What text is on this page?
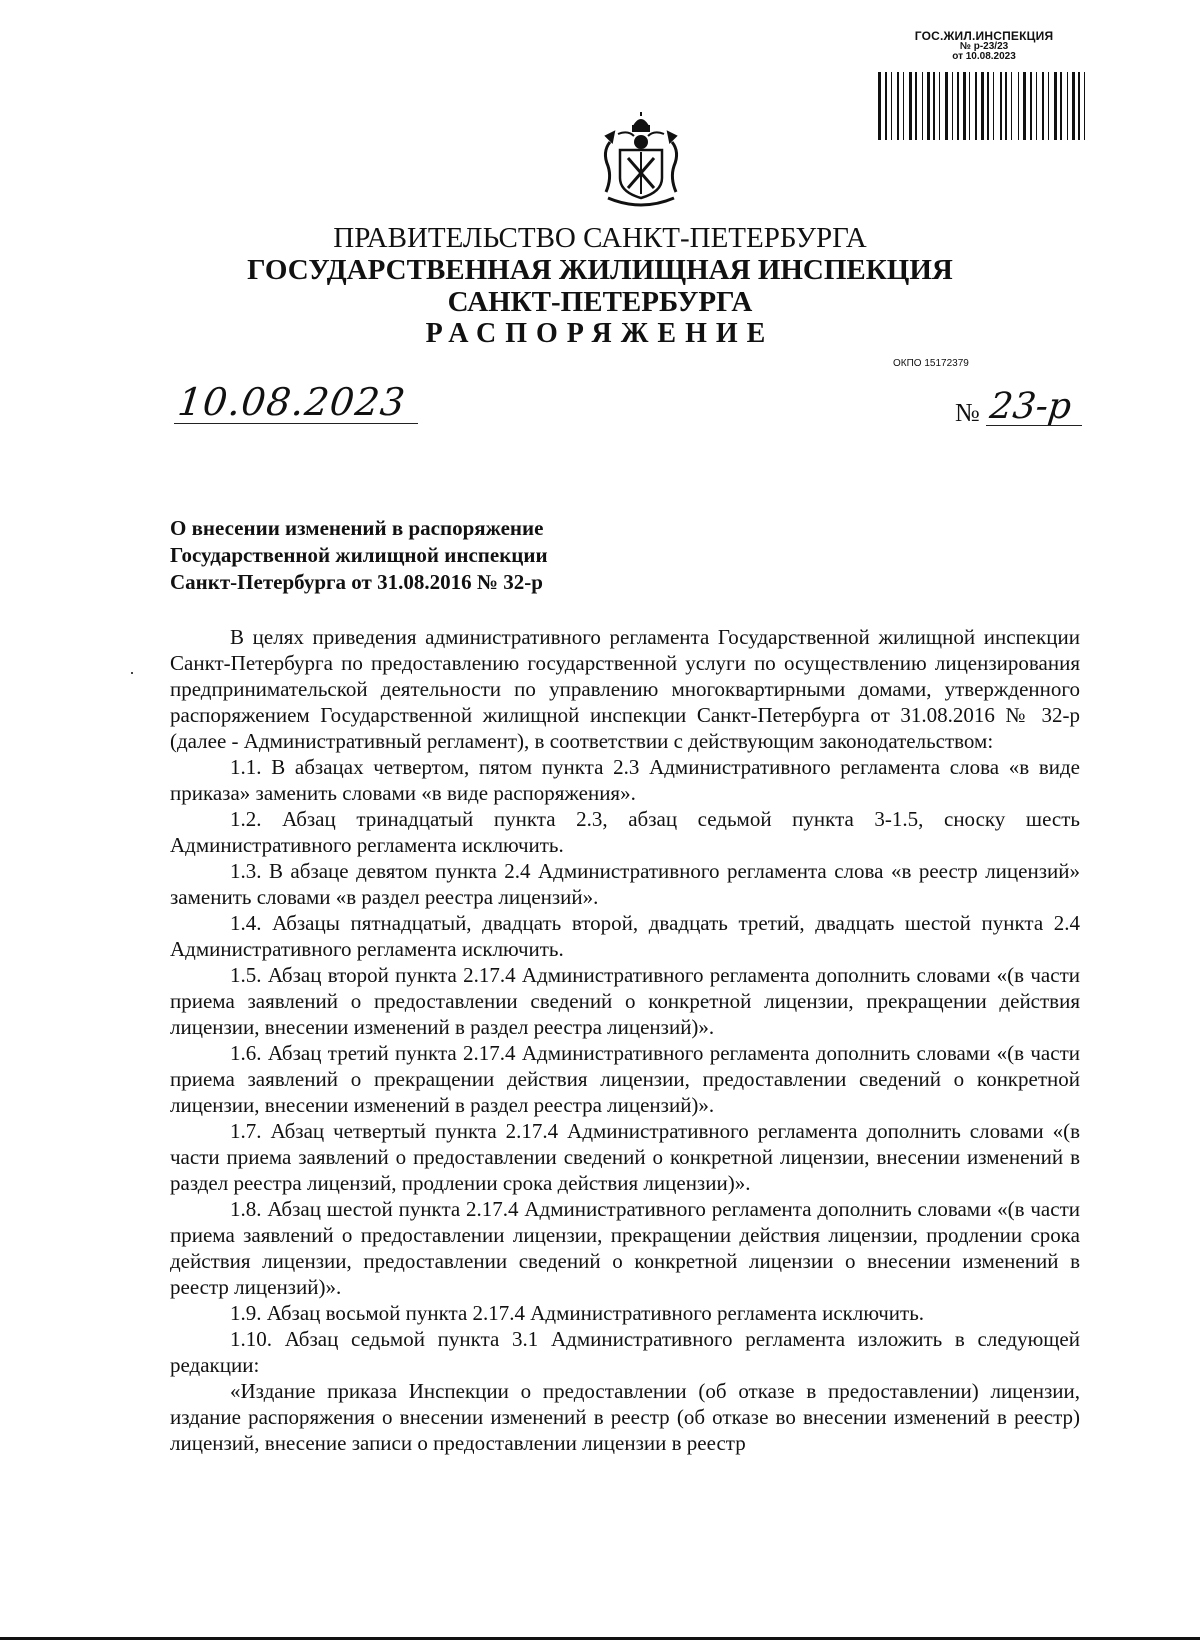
ГОС.ЖИЛ.ИНСПЕКЦИЯ
№ р-23/23
от 10.08.2023
ПРАВИТЕЛЬСТВО САНКТ-ПЕТЕРБУРГА
ГОСУДАРСТВЕННАЯ ЖИЛИЩНАЯ ИНСПЕКЦИЯ
САНКТ-ПЕТЕРБУРГА
РАСПОРЯЖЕНИЕ
ОКПО 15172379
10.08.2023	№ 23-р
О внесении изменений в распоряжение
Государственной жилищной инспекции
Санкт-Петербурга от 31.08.2016 № 32-р

В целях приведения административного регламента Государственной жилищной инспекции Санкт-Петербурга по предоставлению государственной услуги по осуществлению лицензирования предпринимательской деятельности по управлению многоквартирными домами, утвержденного распоряжением Государственной жилищной инспекции Санкт-Петербурга от 31.08.2016 № 32-р (далее - Административный регламент), в соответствии с действующим законодательством:

1.1. В абзацах четвертом, пятом пункта 2.3 Административного регламента слова «в виде приказа» заменить словами «в виде распоряжения».

1.2. Абзац тринадцатый пункта 2.3, абзац седьмой пункта 3-1.5, сноску шесть Административного регламента исключить.

1.3. В абзаце девятом пункта 2.4 Административного регламента слова «в реестр лицензий» заменить словами «в раздел реестра лицензий».

1.4. Абзацы пятнадцатый, двадцать второй, двадцать третий, двадцать шестой пункта 2.4 Административного регламента исключить.

1.5. Абзац второй пункта 2.17.4 Административного регламента дополнить словами «(в части приема заявлений о предоставлении сведений о конкретной лицензии, прекращении действия лицензии, внесении изменений в раздел реестра лицензий)».

1.6. Абзац третий пункта 2.17.4 Административного регламента дополнить словами «(в части приема заявлений о прекращении действия лицензии, предоставлении сведений о конкретной лицензии, внесении изменений в раздел реестра лицензий)».

1.7. Абзац четвертый пункта 2.17.4 Административного регламента дополнить словами «(в части приема заявлений о предоставлении сведений о конкретной лицензии, внесении изменений в раздел реестра лицензий, продлении срока действия лицензии)».

1.8. Абзац шестой пункта 2.17.4 Административного регламента дополнить словами «(в части приема заявлений о предоставлении лицензии, прекращении действия лицензии, продлении срока действия лицензии, предоставлении сведений о конкретной лицензии о внесении изменений в реестр лицензий)».

1.9. Абзац восьмой пункта 2.17.4 Административного регламента исключить.

1.10. Абзац седьмой пункта 3.1 Административного регламента изложить в следующей редакции:

«Издание приказа Инспекции о предоставлении (об отказе в предоставлении) лицензии, издание распоряжения о внесении изменений в реестр (об отказе во внесении изменений в реестр) лицензий, внесение записи о предоставлении лицензии в реестр
